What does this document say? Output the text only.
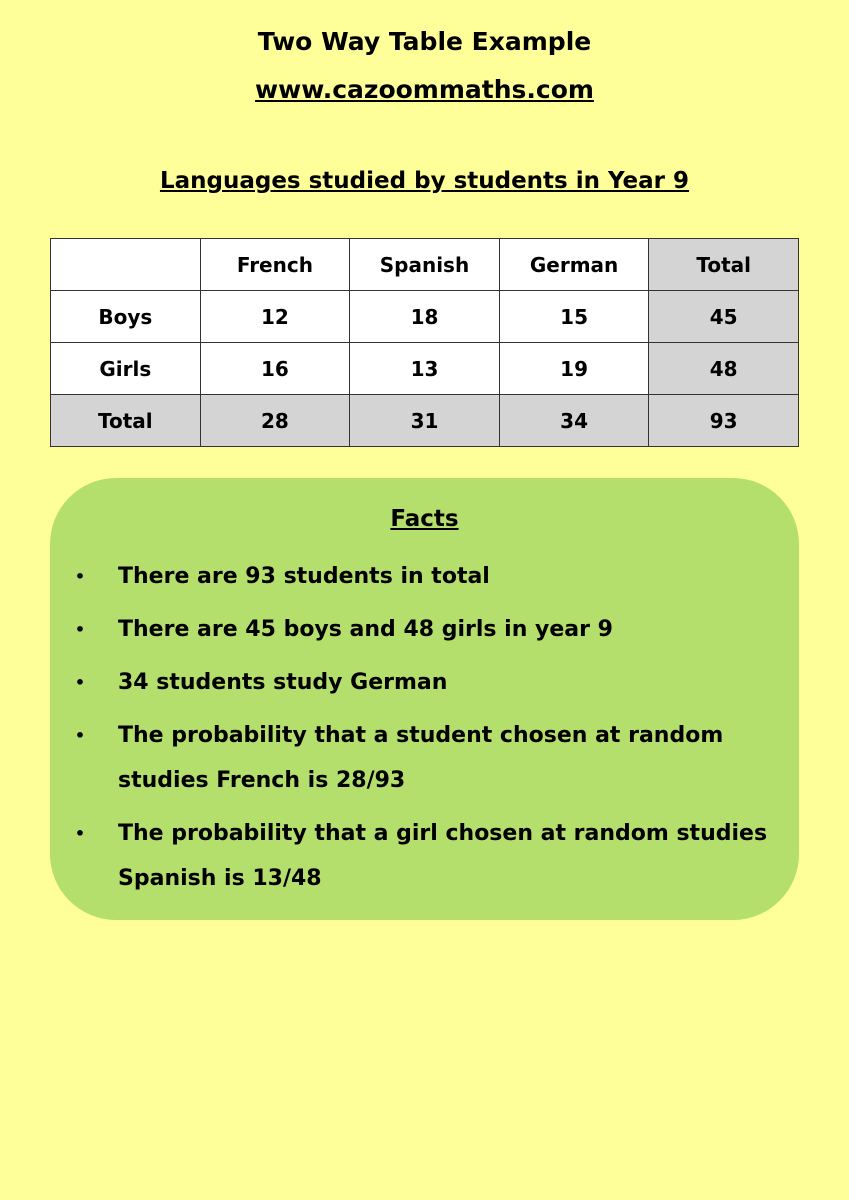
Two Way Table Example
www.cazoommaths.com
Languages studied by students in Year 9
	French	Spanish	German	Total
Boys	12	18	15	45
Girls	16	13	19	48
Total	28	31	34	93
Facts
• There are 93 students in total
• There are 45 boys and 48 girls in year 9
• 34 students study German
• The probability that a student chosen at random studies French is 28/93
• The probability that a girl chosen at random studies Spanish is 13/48
